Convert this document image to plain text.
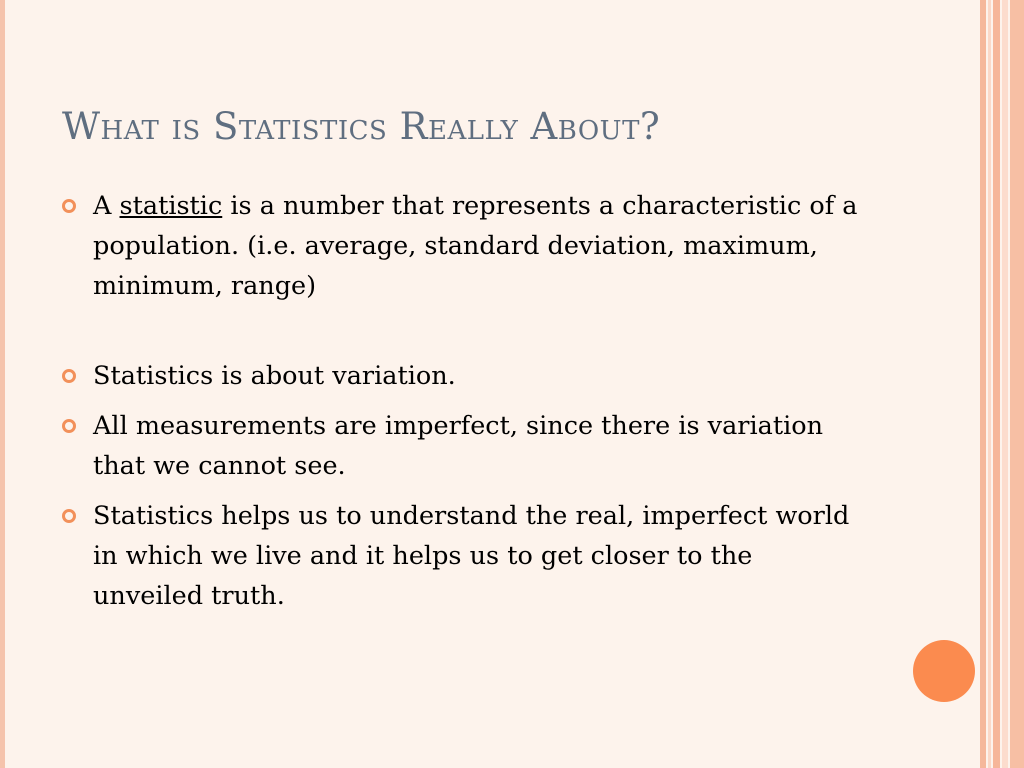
What is Statistics Really About?
A statistic is a number that represents a characteristic of a population. (i.e. average, standard deviation, maximum, minimum, range)
Statistics is about variation.
All measurements are imperfect, since there is variation that we cannot see.
Statistics helps us to understand the real, imperfect world in which we live and it helps us to get closer to the unveiled truth.
